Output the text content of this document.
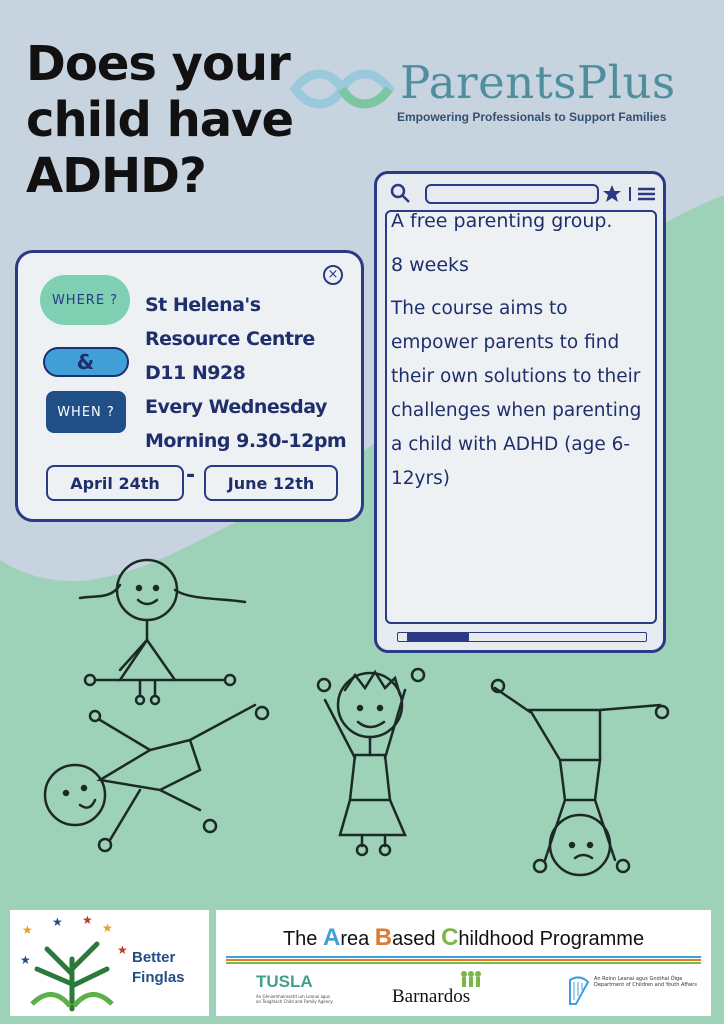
Does your
child have
ADHD?
ParentsPlus
Empowering Professionals to Support Families
×
WHERE ?
&
WHEN ?
St Helena's
Resource Centre
D11 N928
Every Wednesday
Morning 9.30-12pm
April 24th	-	June 12th

A free parenting group.

8 weeks

The course aims to empower parents to find their own solutions to their challenges when parenting a child with ADHD (age 6-12yrs)

★
★	★
★
★
★
Better
Finglas
The Area Based Childhood Programme
TUSLA
An Ghníomhaireacht um Leanaí agus an Teaghlach Child and Family Agency	Barnardos
An Roinn Leanaí agus Gnóthaí Óige Department of Children and Youth Affairs
